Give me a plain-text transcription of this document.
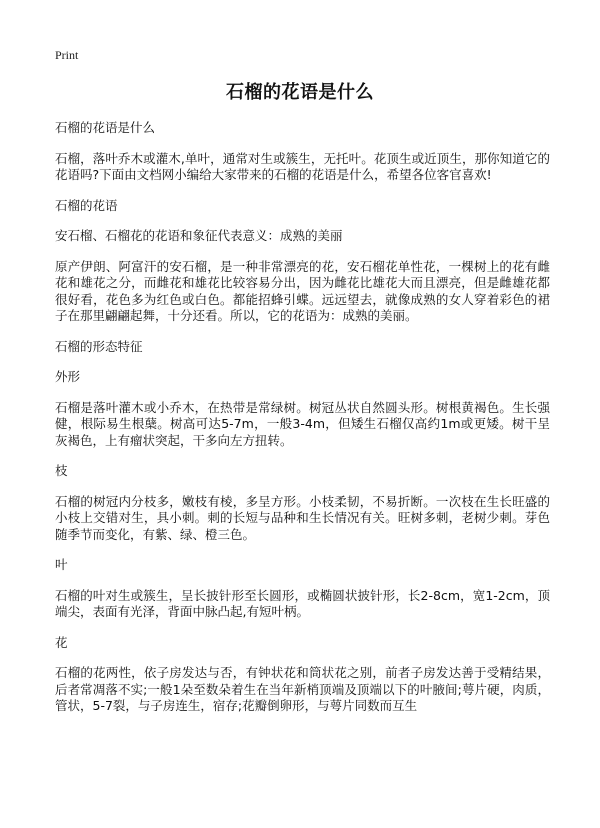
Print
石榴的花语是什么

石榴的花语是什么

石榴，落叶乔木或灌木,单叶，通常对生或簇生，无托叶。花顶生或近顶生，那你知道它的花语吗?下面由文档网小编给大家带来的石榴的花语是什么，希望各位客官喜欢!

石榴的花语

安石榴、石榴花的花语和象征代表意义：成熟的美丽

原产伊朗、阿富汗的安石榴，是一种非常漂亮的花，安石榴花单性花，一棵树上的花有雌花和雄花之分，而雌花和雄花比较容易分出，因为雌花比雄花大而且漂亮，但是雌雄花都很好看，花色多为红色或白色。都能招蜂引蝶。远远望去，就像成熟的女人穿着彩色的裙子在那里翩翩起舞，十分还看。所以，它的花语为：成熟的美丽。

石榴的形态特征

外形

石榴是落叶灌木或小乔木，在热带是常绿树。树冠丛状自然圆头形。树根黄褐色。生长强健，根际易生根蘖。树高可达5-7m，一般3-4m，但矮生石榴仅高约1m或更矮。树干呈灰褐色，上有瘤状突起，干多向左方扭转。

枝

石榴的树冠内分枝多，嫩枝有棱，多呈方形。小枝柔韧，不易折断。一次枝在生长旺盛的小枝上交错对生，具小刺。刺的长短与品种和生长情况有关。旺树多刺，老树少刺。芽色随季节而变化，有紫、绿、橙三色。

叶

石榴的叶对生或簇生，呈长披针形至长圆形，或椭圆状披针形，长2-8cm，宽1-2cm，顶端尖，表面有光泽，背面中脉凸起,有短叶柄。

花

石榴的花两性，依子房发达与否，有钟状花和筒状花之别，前者子房发达善于受精结果，后者常凋落不实;一般1朵至数朵着生在当年新梢顶端及顶端以下的叶腋间;萼片硬，肉质，管状，5-7裂，与子房连生，宿存;花瓣倒卵形，与萼片同数而互生
